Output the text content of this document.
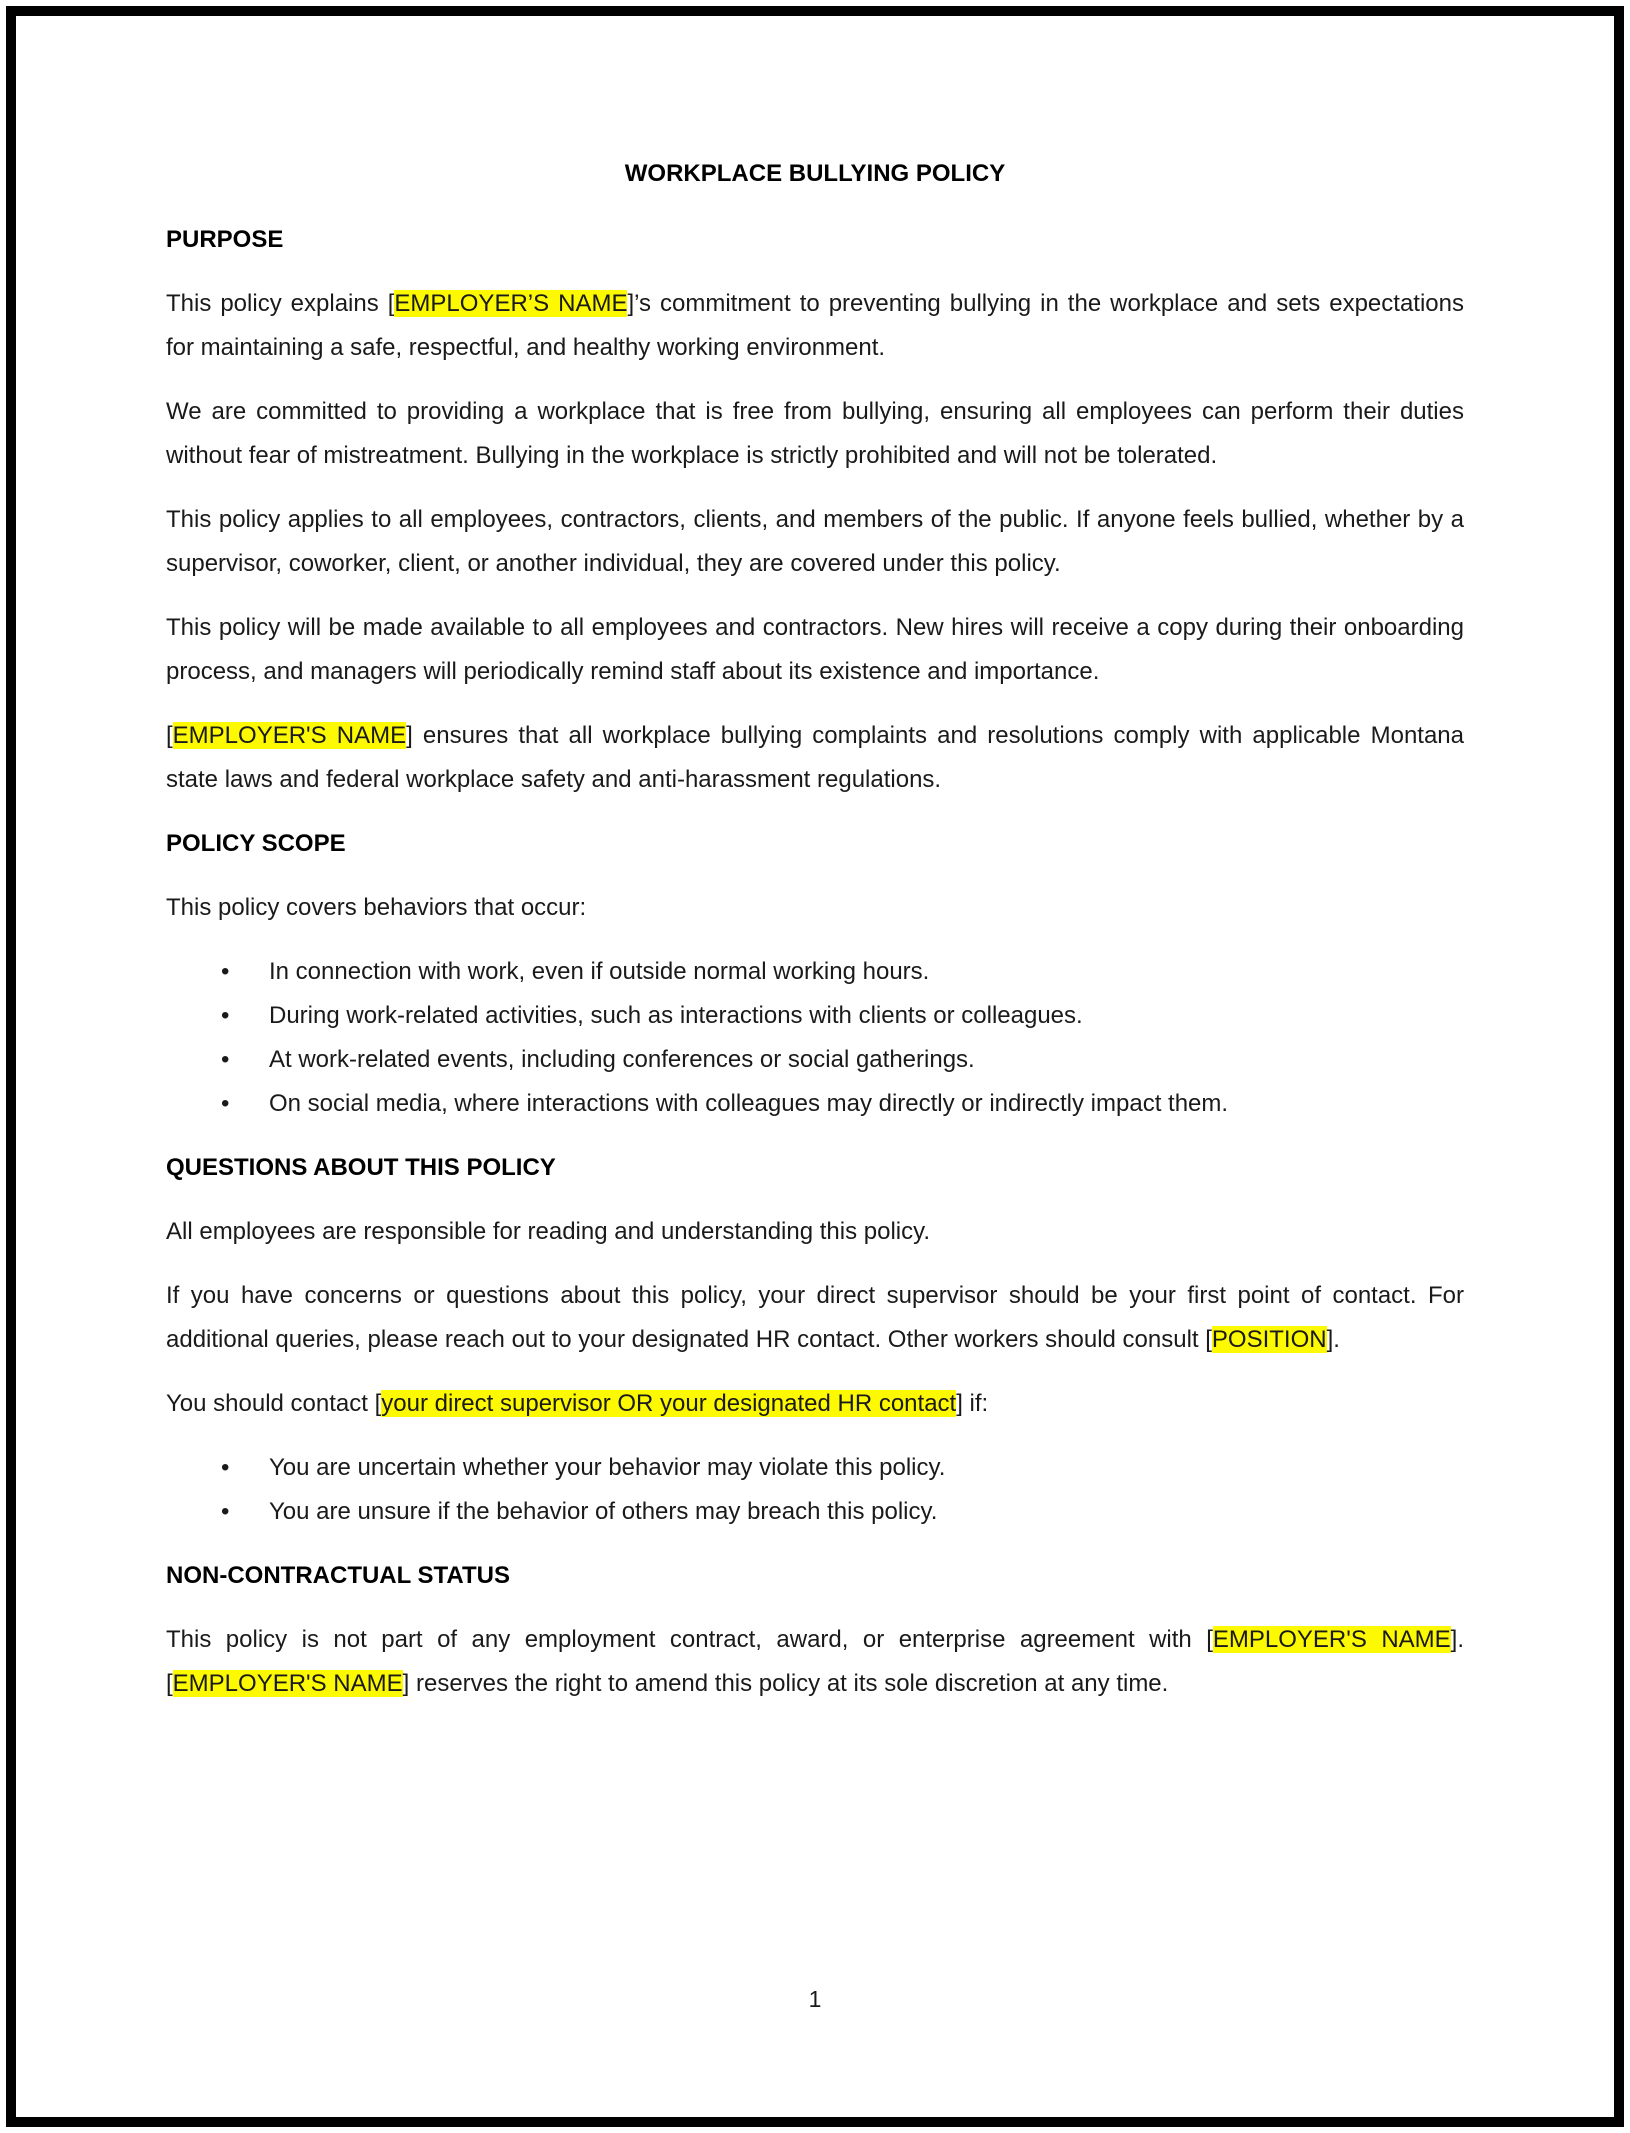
WORKPLACE BULLYING POLICY
PURPOSE

This policy explains [EMPLOYER’S NAME]’s commitment to preventing bullying in the workplace and sets expectations for maintaining a safe, respectful, and healthy working environment.

We are committed to providing a workplace that is free from bullying, ensuring all employees can perform their duties without fear of mistreatment. Bullying in the workplace is strictly prohibited and will not be tolerated.

This policy applies to all employees, contractors, clients, and members of the public. If anyone feels bullied, whether by a supervisor, coworker, client, or another individual, they are covered under this policy.

This policy will be made available to all employees and contractors. New hires will receive a copy during their onboarding process, and managers will periodically remind staff about its existence and importance.

[EMPLOYER'S NAME] ensures that all workplace bullying complaints and resolutions comply with applicable Montana state laws and federal workplace safety and anti-harassment regulations.

POLICY SCOPE

This policy covers behaviors that occur:

• In connection with work, even if outside normal working hours.
• During work-related activities, such as interactions with clients or colleagues.
• At work-related events, including conferences or social gatherings.
• On social media, where interactions with colleagues may directly or indirectly impact them.
QUESTIONS ABOUT THIS POLICY

All employees are responsible for reading and understanding this policy.

If you have concerns or questions about this policy, your direct supervisor should be your first point of contact. For additional queries, please reach out to your designated HR contact. Other workers should consult [POSITION].

You should contact [your direct supervisor OR your designated HR contact] if:

• You are uncertain whether your behavior may violate this policy.
• You are unsure if the behavior of others may breach this policy.
NON-CONTRACTUAL STATUS

This policy is not part of any employment contract, award, or enterprise agreement with [EMPLOYER'S NAME]. [EMPLOYER'S NAME] reserves the right to amend this policy at its sole discretion at any time.

1
